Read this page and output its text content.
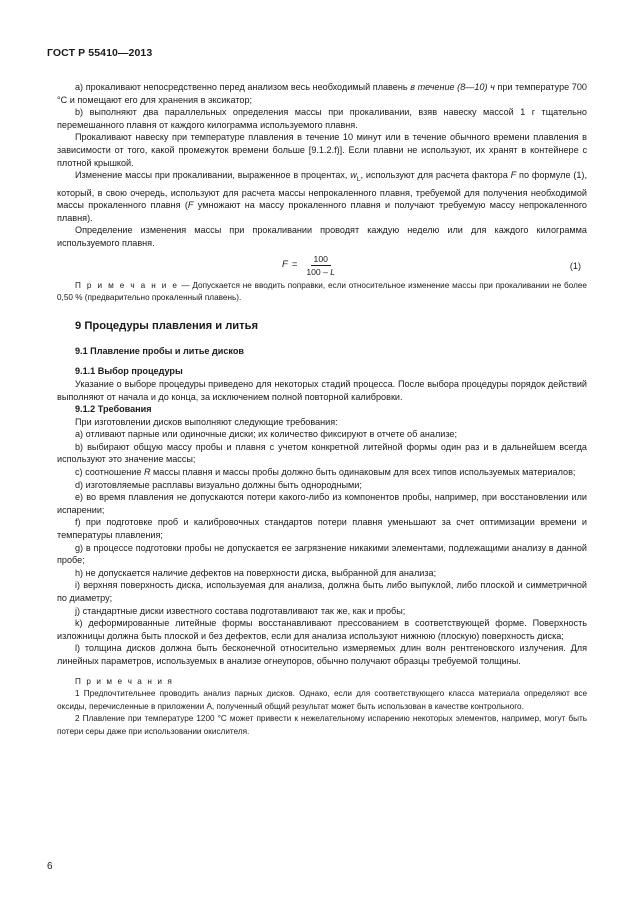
ГОСТ Р 55410—2013

а) прокаливают непосредственно перед анализом весь необходимый плавень в течение (8—10) ч при температуре 700 °С и помещают его для хранения в эксикатор;

b) выполняют два параллельных определения массы при прокаливании, взяв навеску массой 1 г тщательно перемешанного плавня от каждого килограмма используемого плавня.

Прокаливают навеску при температуре плавления в течение 10 минут или в течение обычного времени плавления в зависимости от того, какой промежуток времени больше [9.1.2.f)]. Если плавни не используют, их хранят в контейнере с плотной крышкой.

Изменение массы при прокаливании, выраженное в процентах, $w_L$, используют для расчета фактора F по формуле (1), который, в свою очередь, используют для расчета массы непрокаленного плавня, требуемой для получения необходимой массы прокаленного плавня (F умножают на массу прокаленного плавня и получают требуемую массу непрокаленного плавня).

Определение изменения массы при прокаливании проводят каждую неделю или для каждого килограмма используемого плавня.

$F = \frac{100}{100 - L}$	(1)

П р и м е ч а н и е — Допускается не вводить поправки, если относительное изменение массы при прокаливании не более 0,50 % (предварительно прокаленный плавень).

9 Процедуры плавления и литья
9.1 Плавление пробы и литье дисков
9.1.1 Выбор процедуры

Указание о выборе процедуры приведено для некоторых стадий процесса. После выбора процедуры порядок действий выполняют от начала и до конца, за исключением полной повторной калибровки.

9.1.2 Требования

При изготовлении дисков выполняют следующие требования:

а) отливают парные или одиночные диски; их количество фиксируют в отчете об анализе;

b) выбирают общую массу пробы и плавня с учетом конкретной литейной формы один раз и в дальнейшем всегда используют это значение массы;

с) соотношение R массы плавня и массы пробы должно быть одинаковым для всех типов используемых материалов;

d) изготовляемые расплавы визуально должны быть однородными;

е) во время плавления не допускаются потери какого-либо из компонентов пробы, например, при восстановлении или испарении;

f) при подготовке проб и калибровочных стандартов потери плавня уменьшают за счет оптимизации времени и температуры плавления;

g) в процессе подготовки пробы не допускается ее загрязнение никакими элементами, подлежащими анализу в данной пробе;

h) не допускается наличие дефектов на поверхности диска, выбранной для анализа;

i) верхняя поверхность диска, используемая для анализа, должна быть либо выпуклой, либо плоской и симметричной по диаметру;

j) стандартные диски известного состава подготавливают так же, как и пробы;

k) деформированные литейные формы восстанавливают прессованием в соответствующей форме. Поверхность изложницы должна быть плоской и без дефектов, если для анализа используют нижнюю (плоскую) поверхность диска;

l) толщина дисков должна быть бесконечной относительно измеряемых длин волн рентгеновского излучения. Для линейных параметров, используемых в анализе огнеупоров, обычно получают образцы требуемой толщины.

П р и м е ч а н и я

1 Предпочтительнее проводить анализ парных дисков. Однако, если для соответствующего класса материала определяют все оксиды, перечисленные в приложении А, полученный общий результат может быть использован в качестве контрольного.

2 Плавление при температуре 1200 °С может привести к нежелательному испарению некоторых элементов, например, могут быть потери серы даже при использовании окислителя.

6
